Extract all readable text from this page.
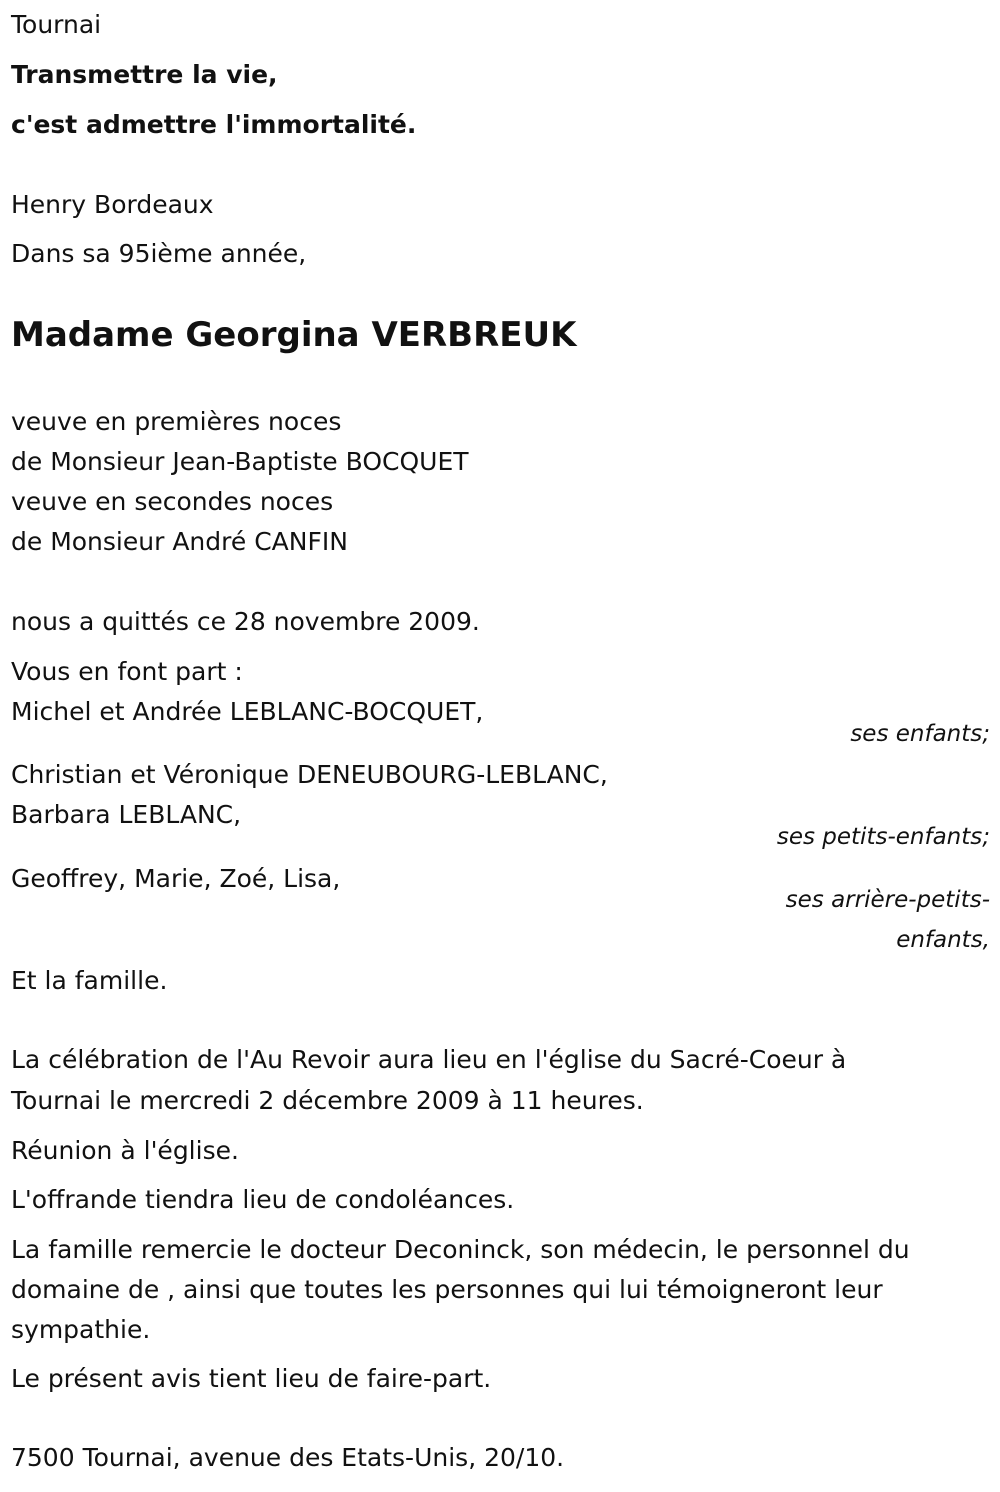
Tournai
Transmettre la vie,
c'est admettre l'immortalité.
Henry Bordeaux
Dans sa 95ième année,
Madame Georgina VERBREUK
veuve en premières noces
de Monsieur Jean-Baptiste BOCQUET
veuve en secondes noces
de Monsieur André CANFIN
nous a quittés ce 28 novembre 2009.
Vous en font part :
Michel et Andrée LEBLANC-BOCQUET,
ses enfants;
Christian et Véronique DENEUBOURG-LEBLANC,
Barbara LEBLANC,
ses petits-enfants;
Geoffrey, Marie, Zoé, Lisa,
ses arrière-petits-
enfants,
Et la famille.
La célébration de l'Au Revoir aura lieu en l'église du Sacré-Coeur à
Tournai le mercredi 2 décembre 2009 à 11 heures.
Réunion à l'église.
L'offrande tiendra lieu de condoléances.
La famille remercie le docteur Deconinck, son médecin, le personnel du
domaine de , ainsi que toutes les personnes qui lui témoigneront leur
sympathie.
Le présent avis tient lieu de faire-part.
7500 Tournai, avenue des Etats-Unis, 20/10.
